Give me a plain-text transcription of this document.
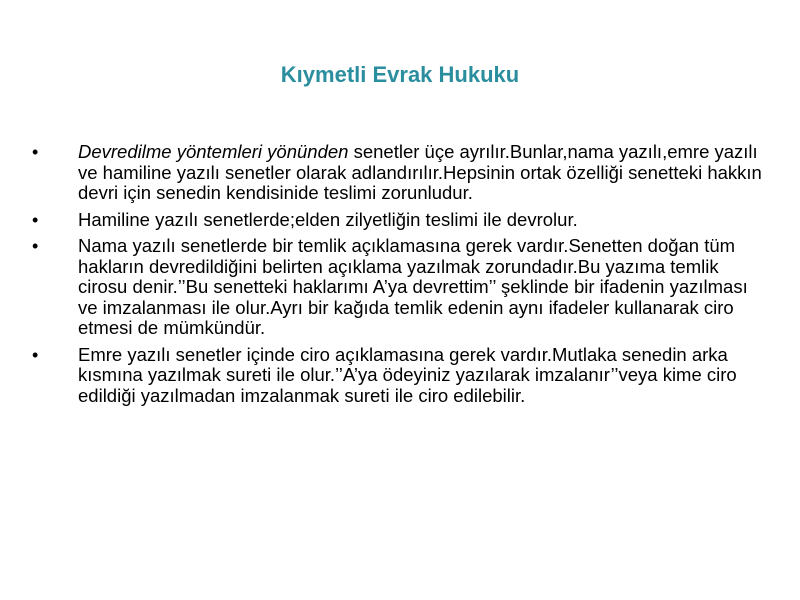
Kıymetli Evrak Hukuku
• Devredilme yöntemleri yönünden senetler üçe ayrılır.Bunlar,nama yazılı,emre yazılı ve hamiline yazılı senetler olarak adlandırılır.Hepsinin ortak özelliği senetteki hakkın devri için senedin kendisinide teslimi zorunludur.
• Hamiline yazılı senetlerde;elden zilyetliğin teslimi ile devrolur.
• Nama yazılı senetlerde bir temlik açıklamasına gerek vardır.Senetten doğan tüm hakların devredildiğini belirten açıklama yazılmak zorundadır.Bu yazıma temlik cirosu denir.’’Bu senetteki haklarımı A’ya devrettim’’ şeklinde bir ifadenin yazılması ve imzalanması ile olur.Ayrı bir kağıda temlik edenin aynı ifadeler kullanarak ciro etmesi de mümkündür.
• Emre yazılı senetler içinde ciro açıklamasına gerek vardır.Mutlaka senedin arka kısmına yazılmak sureti ile olur.’’A’ya ödeyiniz yazılarak imzalanır’’veya kime ciro edildiği yazılmadan imzalanmak sureti ile ciro edilebilir.
